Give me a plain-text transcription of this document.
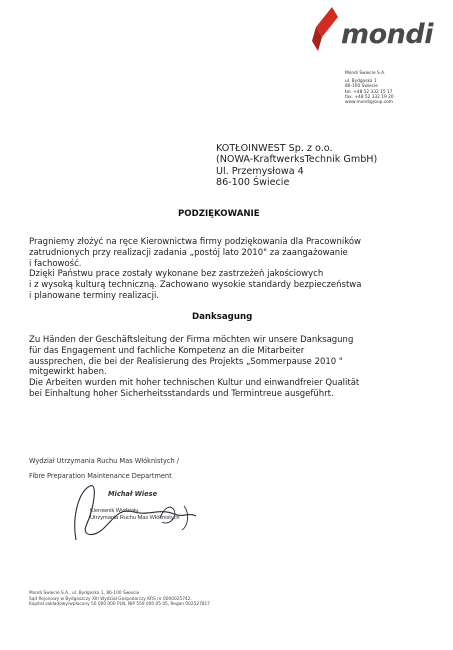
mondi
Mondi Świecie S.A.
ul. Bydgoska 1
86-100 Świecie
tel. +48 52 332 15 17
fax. +48 52 332 19 20
www.mondigroup.com
KOTŁOINWEST Sp. z o.o.
(NOWA-KraftwerksTechnik GmbH)
Ul. Przemysłowa 4
86-100 Świecie
PODZIĘKOWANIE
Pragniemy złożyć na ręce Kierownictwa firmy podziękowania dla Pracowników
zatrudnionych przy realizacji zadania „postój lato 2010" za zaangażowanie
i fachowość.
Dzięki Państwu prace zostały wykonane bez zastrzeżeń jakościowych
i z wysoką kulturą techniczną. Zachowano wysokie standardy bezpieczeństwa
i planowane terminy realizacji.
Danksagung
Zu Händen der Geschäftsleitung der Firma möchten wir unsere Danksagung
für das Engagement und fachliche Kompetenz an die Mitarbeiter
aussprechen, die bei der Realisierung des Projekts „Sommerpause 2010 "
mitgewirkt haben.
Die Arbeiten wurden mit hoher technischen Kultur und einwandfreier Qualität
bei Einhaltung hoher Sicherheitsstandards und Termintreue ausgeführt.
Wydział Utrzymania Ruchu Mas Włóknistych /
Fibre Preparation Maintenance Department
Michał Wiese
Kierownik Wydziału
Utrzymania Ruchu Mas Włóknistych
Mondi Świecie S.A., ul. Bydgoska 1, 86-100 Świecie
Sąd Rejonowy w Bydgoszczy XIII Wydział Gospodarczy KRS nr 0000025742.
Kapitał zakładowy/wpłacony 50 000 000 PLN, NIP 559 000 05 05, Regon 002527817
